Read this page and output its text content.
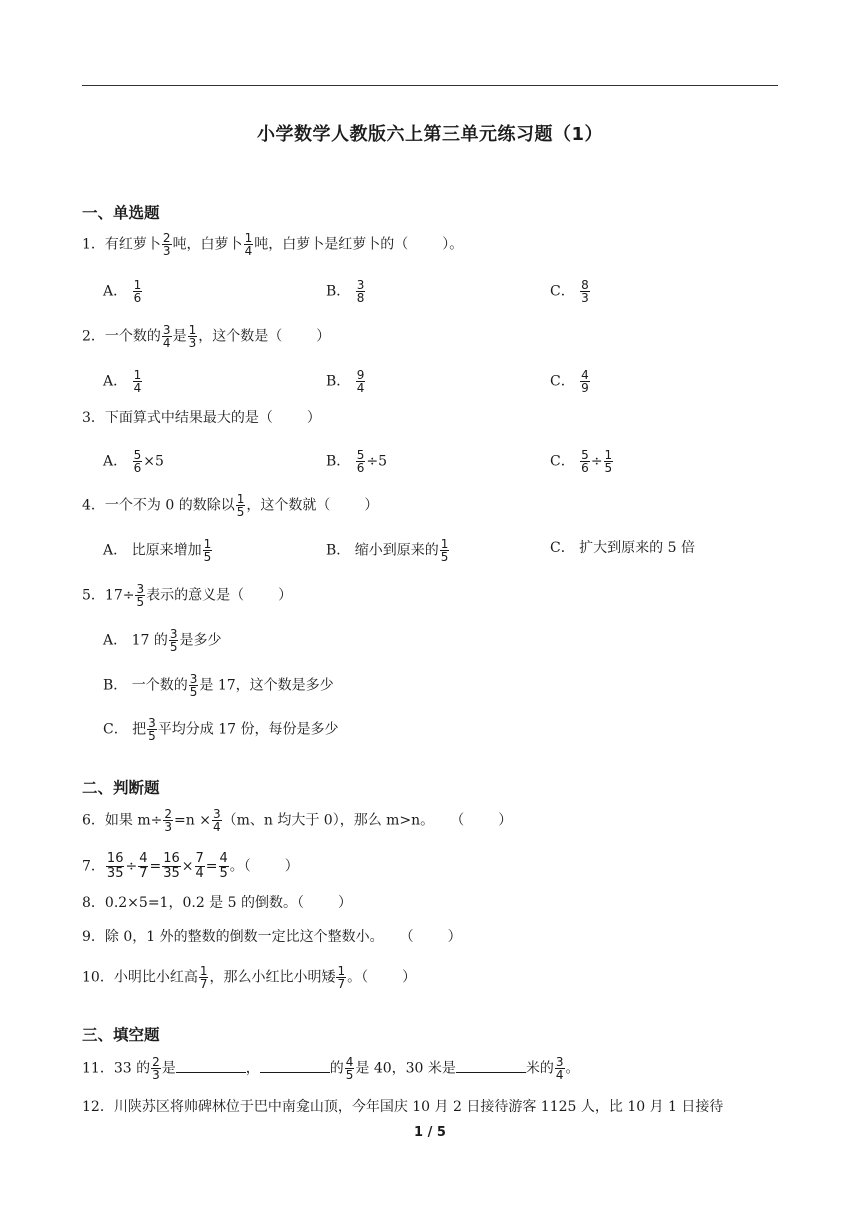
小学数学人教版六上第三单元练习题（1）
一、单选题
1．有红萝卜 $\frac{2}{3}$ 吨，白萝卜 $\frac{1}{4}$ 吨，白萝卜是红萝卜的（ ）。
A． $\frac{1}{6}$	B． $\frac{3}{8}$	C． $\frac{8}{3}$
2．一个数的 $\frac{3}{4}$ 是 $\frac{1}{3}$ ，这个数是（ ）
A． $\frac{1}{4}$	B． $\frac{9}{4}$	C． $\frac{4}{9}$
3．下面算式中结果最大的是（ ）
A． $\frac{5}{6} \times 5$	B． $\frac{5}{6} \div 5$	C． $\frac{5}{6} \div \frac{1}{5}$
4．一个不为 0 的数除以 $\frac{1}{5}$ ，这个数就（ ）
A． 比原来增加 $\frac{1}{5}$	B． 缩小到原来的 $\frac{1}{5}$	C． 扩大到原来的 5 倍
5．$17\div \frac{3}{5}$ 表示的意义是（ ）
A． 17 的 $\frac{3}{5}$ 是多少
B． 一个数的 $\frac{3}{5}$ 是 17，这个数是多少
C． 把 $\frac{3}{5}$ 平均分成 17 份，每份是多少
二、判断题
6．如果 $m\div \frac{2}{3} =n \times \frac{3}{4} (m$、n 均大于 0），那么 m>n。 （ ）
7． $\frac{16}{35} \div \frac{4}{7} = \frac{16}{35} \times \frac{7}{4} = \frac{4}{5}$ 。（ ）
8．0.2×5=1，0.2 是 5 的倒数。（ ）
9．除 0，1 外的整数的倒数一定比这个整数小。 （ ）
10．小明比小红高 $\frac{1}{7}$ ，那么小红比小明矮 $\frac{1}{7}$ 。（ ）
三、填空题
11．33 的 $\frac{2}{3}$ 是	，	的 $\frac{4}{5}$ 是 40，30 米是	米的 $\frac{3}{4}$ 。
12．川陕苏区将帅碑林位于巴中南龛山顶，今年国庆 10 月 2 日接待游客 1125 人，比 10 月 1 日接待
1 / 5
